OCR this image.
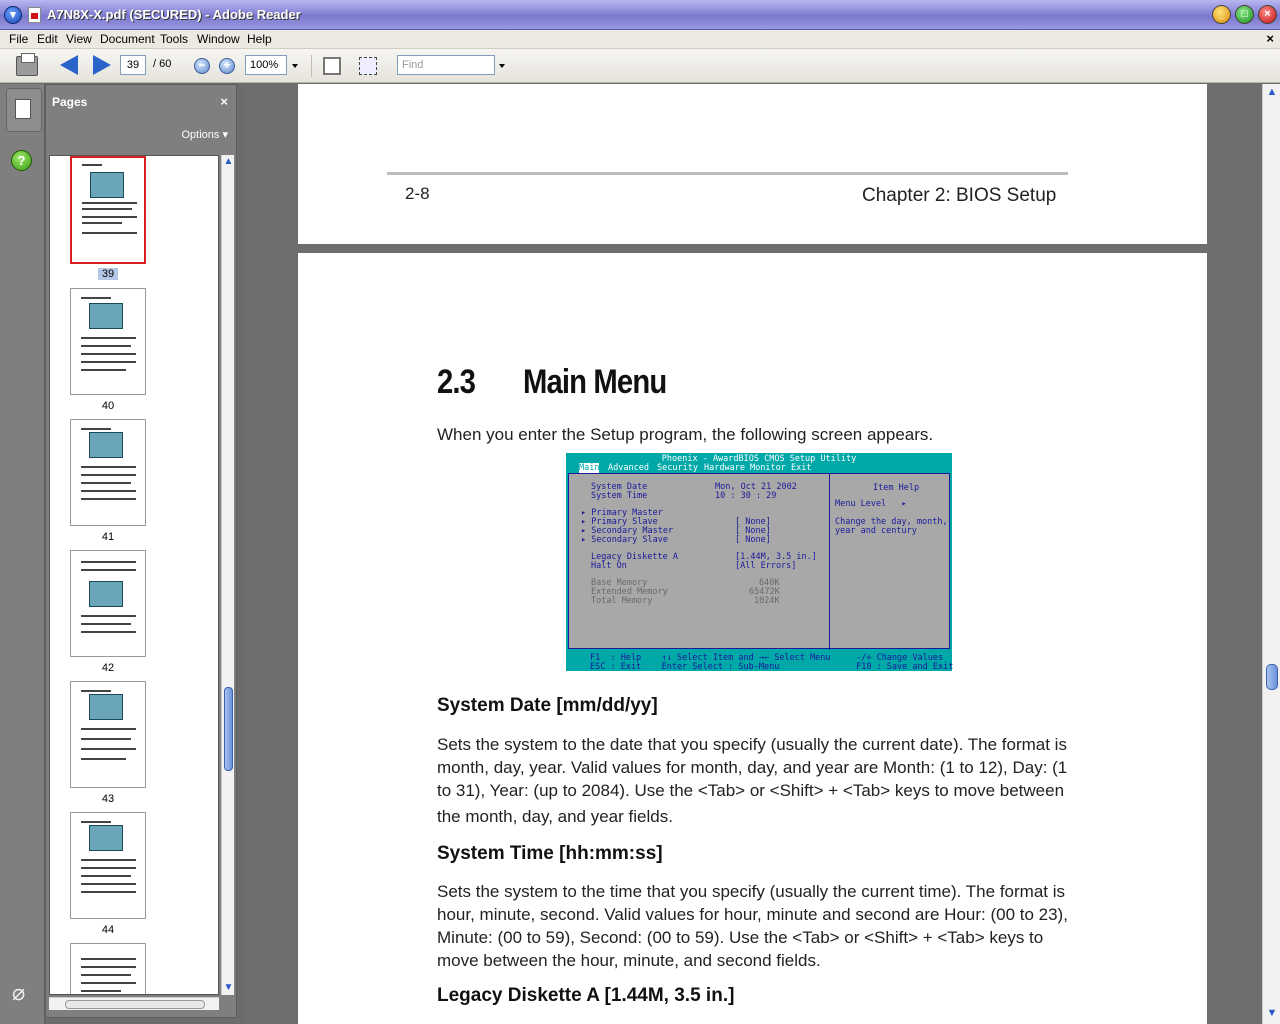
▾	A7N8X-X.pdf (SECURED) - Adobe Reader	_	□	×
File Edit View Document Tools Window Help	×
39	/ 60	−	+	100%	Find
?
⌀
Pages	×
Options ▾
39
40
41
42
43
44
▲
▼
2-8	Chapter 2: BIOS Setup
2.3 Main Menu
When you enter the Setup program, the following screen appears.
Phoenix - AwardBIOS CMOS Setup Utility
Main Advanced Security Hardware Monitor Exit
System Date	Mon, Oct 21 2002
System Time	10 : 30 : 29
▸ Primary Master
▸ Primary Slave	[ None]
▸ Secondary Master	[ None]
▸ Secondary Slave	[ None]
Legacy Diskette A	[1.44M, 3.5 in.]
Halt On	[All Errors]
Base Memory	640K
Extended Memory	65472K
Total Memory	1024K
Item Help
Menu Level   ▸
Change the day, month,
year and century
F1  : Help    ↑↓ Select Item and →← Select Menu     -/+ Change Values
ESC : Exit    Enter Select : Sub-Menu               F10 : Save and Exit
System Date [mm/dd/yy]
Sets the system to the date that you specify (usually the current date). The format is
month, day, year. Valid values for month, day, and year are Month: (1 to 12), Day: (1
to 31), Year: (up to 2084). Use the <Tab> or <Shift> + <Tab> keys to move between
the month, day, and year fields.
System Time [hh:mm:ss]
Sets the system to the time that you specify (usually the current time). The format is
hour, minute, second. Valid values for hour, minute and second are Hour: (00 to 23),
Minute: (00 to 59), Second: (00 to 59). Use the <Tab> or <Shift> + <Tab> keys to
move between the hour, minute, and second fields.
Legacy Diskette A [1.44M, 3.5 in.]
▲
▼
